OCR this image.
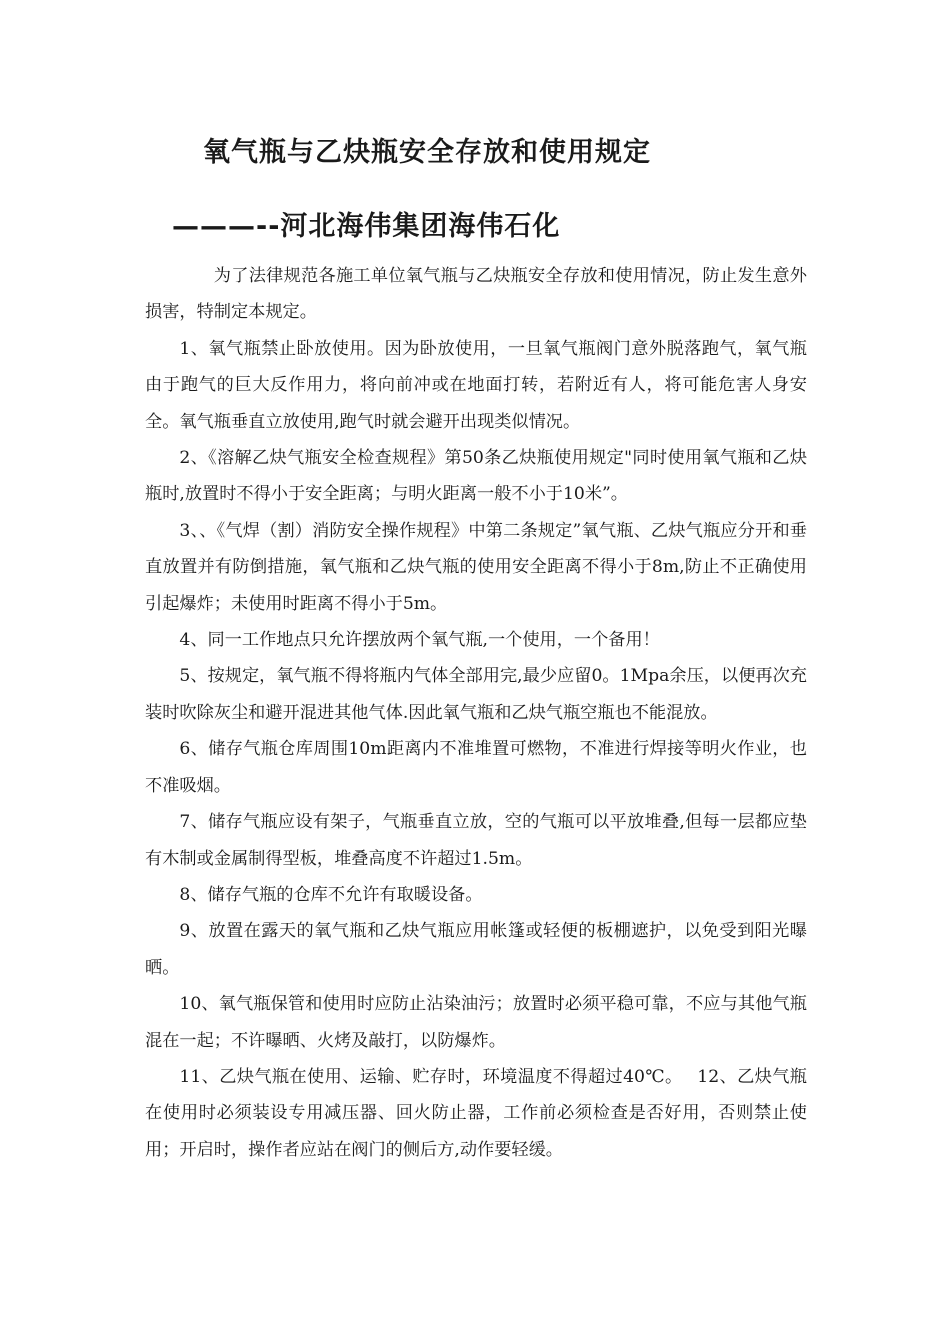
氧气瓶与乙炔瓶安全存放和使用规定
———--河北海伟集团海伟石化

为了法律规范各施工单位氧气瓶与乙炔瓶安全存放和使用情况，防止发生意外损害，特制定本规定。

1、氧气瓶禁止卧放使用。因为卧放使用，一旦氧气瓶阀门意外脱落跑气，氧气瓶由于跑气的巨大反作用力，将向前冲或在地面打转，若附近有人，将可能危害人身安全。氧气瓶垂直立放使用,跑气时就会避开出现类似情况。

2、《溶解乙炔气瓶安全检查规程》第50条乙炔瓶使用规定"同时使用氧气瓶和乙炔瓶时,放置时不得小于安全距离；与明火距离一般不小于10米”。

3、、《气焊（割）消防安全操作规程》中第二条规定”氧气瓶、乙炔气瓶应分开和垂直放置并有防倒措施，氧气瓶和乙炔气瓶的使用安全距离不得小于8m,防止不正确使用引起爆炸；未使用时距离不得小于5m。

4、同一工作地点只允许摆放两个氧气瓶,一个使用，一个备用！

5、按规定，氧气瓶不得将瓶内气体全部用完,最少应留0。1Mpa余压，以便再次充装时吹除灰尘和避开混进其他气体.因此氧气瓶和乙炔气瓶空瓶也不能混放。

6、储存气瓶仓库周围10m距离内不准堆置可燃物，不准进行焊接等明火作业，也不准吸烟。

7、储存气瓶应设有架子，气瓶垂直立放，空的气瓶可以平放堆叠,但每一层都应垫有木制或金属制得型板，堆叠高度不许超过1.5m。

8、储存气瓶的仓库不允许有取暖设备。

9、放置在露天的氧气瓶和乙炔气瓶应用帐篷或轻便的板棚遮护，以免受到阳光曝晒。

10、氧气瓶保管和使用时应防止沾染油污；放置时必须平稳可靠，不应与其他气瓶混在一起；不许曝晒、火烤及敲打，以防爆炸。

11、乙炔气瓶在使用、运输、贮存时，环境温度不得超过40℃。　 12、乙炔气瓶在使用时必须装设专用减压器、回火防止器，工作前必须检查是否好用，否则禁止使用；开启时，操作者应站在阀门的侧后方,动作要轻缓。
